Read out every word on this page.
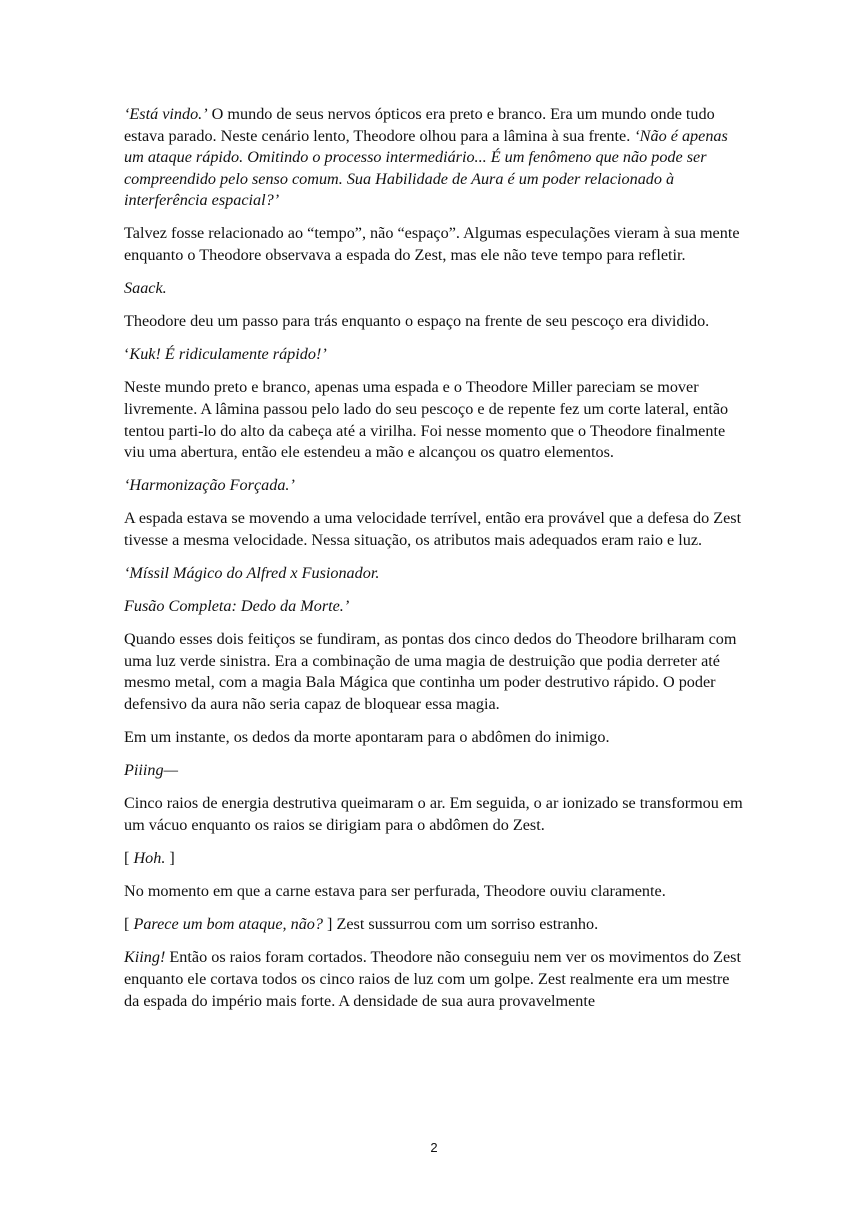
‘Está vindo.’ O mundo de seus nervos ópticos era preto e branco. Era um mundo onde tudo estava parado. Neste cenário lento, Theodore olhou para a lâmina à sua frente. ‘Não é apenas um ataque rápido. Omitindo o processo intermediário... É um fenômeno que não pode ser compreendido pelo senso comum. Sua Habilidade de Aura é um poder relacionado à interferência espacial?’

Talvez fosse relacionado ao “tempo”, não “espaço”. Algumas especulações vieram à sua mente enquanto o Theodore observava a espada do Zest, mas ele não teve tempo para refletir.

Saack.

Theodore deu um passo para trás enquanto o espaço na frente de seu pescoço era dividido.

‘Kuk! É ridiculamente rápido!’

Neste mundo preto e branco, apenas uma espada e o Theodore Miller pareciam se mover livremente. A lâmina passou pelo lado do seu pescoço e de repente fez um corte lateral, então tentou parti-lo do alto da cabeça até a virilha. Foi nesse momento que o Theodore finalmente viu uma abertura, então ele estendeu a mão e alcançou os quatro elementos.

‘Harmonização Forçada.’

A espada estava se movendo a uma velocidade terrível, então era provável que a defesa do Zest tivesse a mesma velocidade. Nessa situação, os atributos mais adequados eram raio e luz.

‘Míssil Mágico do Alfred x Fusionador.

Fusão Completa: Dedo da Morte.’

Quando esses dois feitiços se fundiram, as pontas dos cinco dedos do Theodore brilharam com uma luz verde sinistra. Era a combinação de uma magia de destruição que podia derreter até mesmo metal, com a magia Bala Mágica que continha um poder destrutivo rápido. O poder defensivo da aura não seria capaz de bloquear essa magia.

Em um instante, os dedos da morte apontaram para o abdômen do inimigo.

Piiing—

Cinco raios de energia destrutiva queimaram o ar. Em seguida, o ar ionizado se transformou em um vácuo enquanto os raios se dirigiam para o abdômen do Zest.

[ Hoh. ]

No momento em que a carne estava para ser perfurada, Theodore ouviu claramente.

[ Parece um bom ataque, não? ] Zest sussurrou com um sorriso estranho.

Kiing! Então os raios foram cortados. Theodore não conseguiu nem ver os movimentos do Zest enquanto ele cortava todos os cinco raios de luz com um golpe. Zest realmente era um mestre da espada do império mais forte. A densidade de sua aura provavelmente

2
